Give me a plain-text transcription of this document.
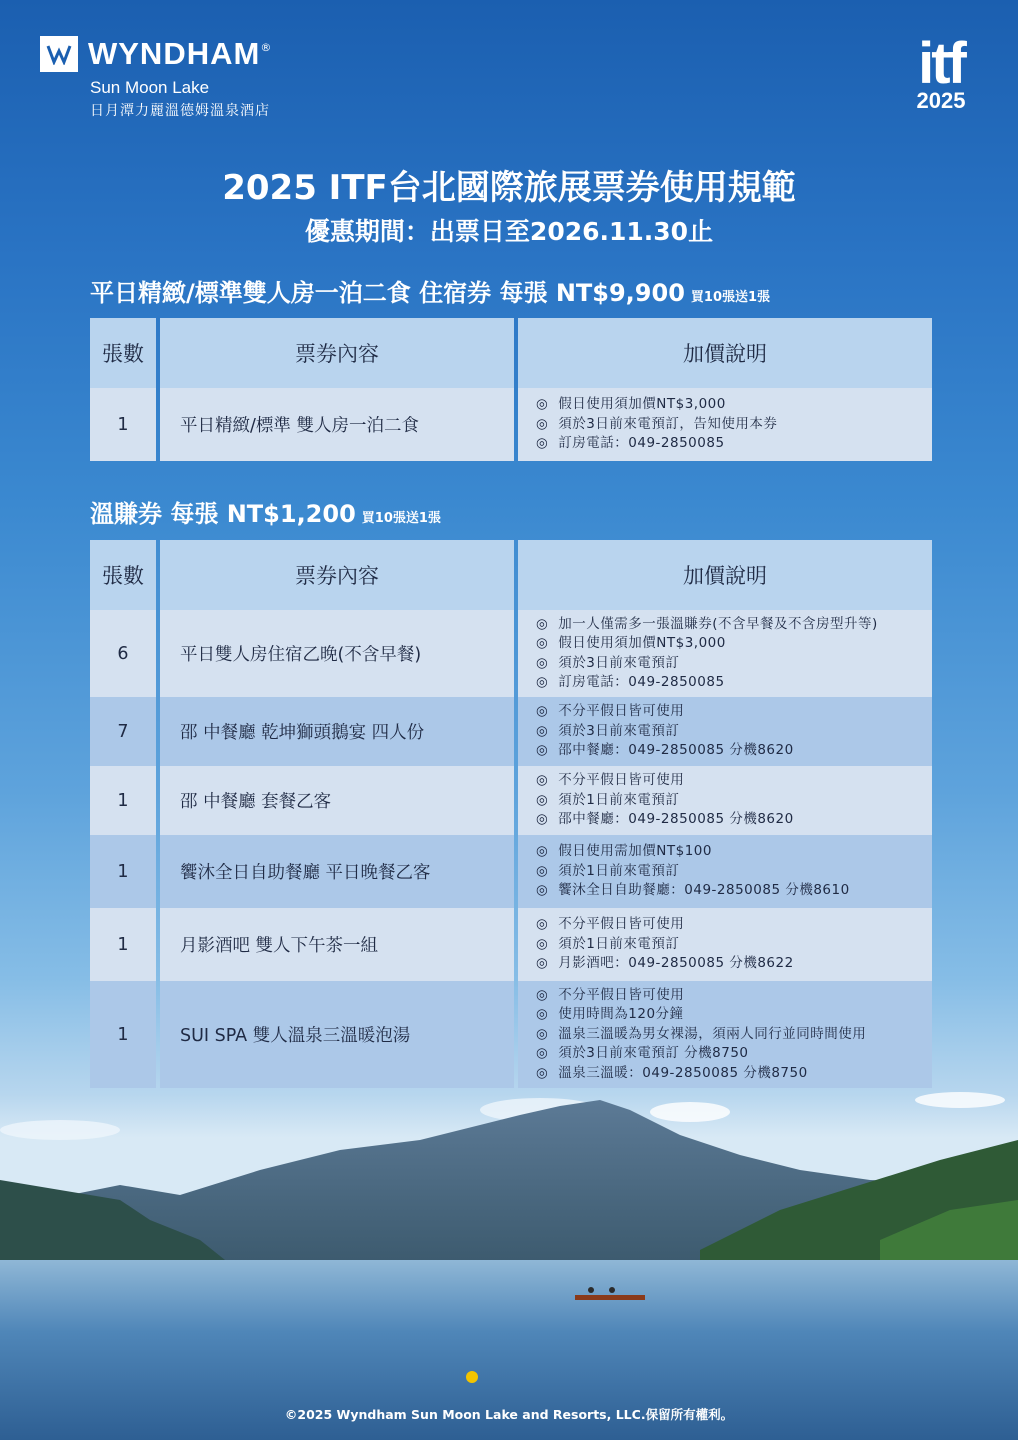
WYNDHAM ®
Sun Moon Lake
日月潭力麗溫德姆溫泉酒店
itf
2025
2025 ITF台北國際旅展票券使用規範
優惠期間：出票日至2026.11.30止
平日精緻/標準雙人房一泊二食 住宿券 每張 NT$9,900 買10張送1張
張數	票券內容	加價說明
1	平日精緻/標準 雙人房一泊二食	◎ 假日使用須加價NT$3,000
◎ 須於3日前來電預訂，告知使用本券
◎ 訂房電話：049-2850085
溫賺券 每張 NT$1,200 買10張送1張
張數	票券內容	加價說明
6	平日雙人房住宿乙晚(不含早餐)	◎ 加一人僅需多一張溫賺券(不含早餐及不含房型升等)
◎ 假日使用須加價NT$3,000
◎ 須於3日前來電預訂
◎ 訂房電話：049-2850085

7	邵 中餐廳 乾坤獅頭鵝宴 四人份	◎ 不分平假日皆可使用
◎ 須於3日前來電預訂
◎ 邵中餐廳：049-2850085 分機8620

1	邵 中餐廳 套餐乙客	◎ 不分平假日皆可使用
◎ 須於1日前來電預訂
◎ 邵中餐廳：049-2850085 分機8620

1	饗沐全日自助餐廳 平日晚餐乙客	◎ 假日使用需加價NT$100
◎ 須於1日前來電預訂
◎ 饗沐全日自助餐廳：049-2850085 分機8610

1	月影酒吧 雙人下午茶一組	◎ 不分平假日皆可使用
◎ 須於1日前來電預訂
◎ 月影酒吧：049-2850085 分機8622

1	SUI SPA 雙人溫泉三溫暖泡湯	◎ 不分平假日皆可使用
◎ 使用時間為120分鐘
◎ 溫泉三溫暖為男女裸湯，須兩人同行並同時間使用
◎ 須於3日前來電預訂 分機8750
◎ 溫泉三溫暖：049-2850085 分機8750
©2025 Wyndham Sun Moon Lake and Resorts, LLC.保留所有權利。
